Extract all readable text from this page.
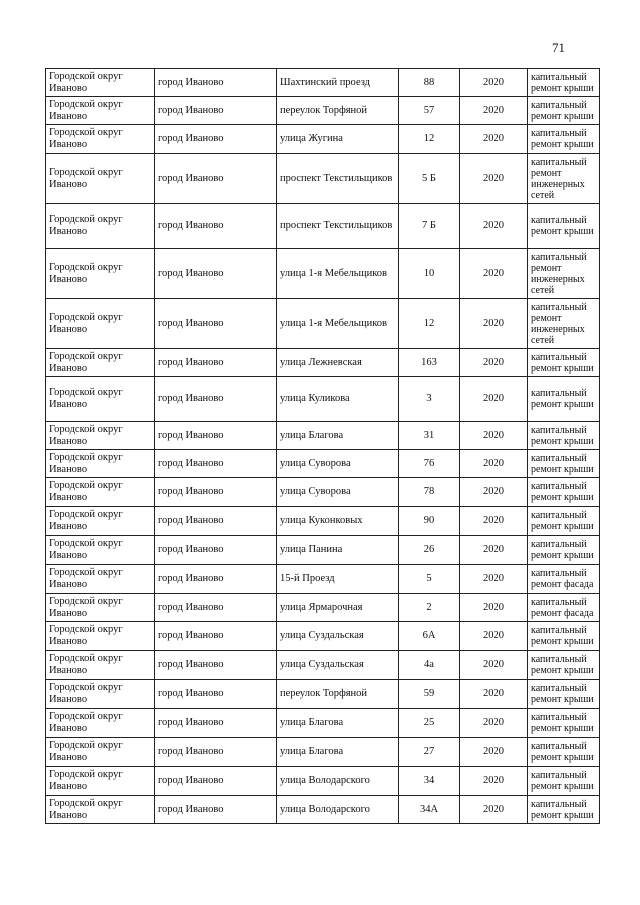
71
Городской округ Иваново	город Иваново	Шахтинский проезд	88	2020	капитальный ремонт крыши
Городской округ Иваново	город Иваново	переулок Торфяной	57	2020	капитальный ремонт крыши
Городской округ Иваново	город Иваново	улица Жугина	12	2020	капитальный ремонт крыши
Городской округ Иваново	город Иваново	проспект Текстильщиков	5 Б	2020	капитальный ремонт инженерных сетей
Городской округ Иваново	город Иваново	проспект Текстильщиков	7 Б	2020	капитальный ремонт крыши
Городской округ Иваново	город Иваново	улица 1-я Мебельщиков	10	2020	капитальный ремонт инженерных сетей
Городской округ Иваново	город Иваново	улица 1-я Мебельщиков	12	2020	капитальный ремонт инженерных сетей
Городской округ Иваново	город Иваново	улица Лежневская	163	2020	капитальный ремонт крыши
Городской округ Иваново	город Иваново	улица Куликова	3	2020	капитальный ремонт крыши
Городской округ Иваново	город Иваново	улица Благова	31	2020	капитальный ремонт крыши
Городской округ Иваново	город Иваново	улица Суворова	76	2020	капитальный ремонт крыши
Городской округ Иваново	город Иваново	улица Суворова	78	2020	капитальный ремонт крыши
Городской округ Иваново	город Иваново	улица Куконковых	90	2020	капитальный ремонт крыши
Городской округ Иваново	город Иваново	улица Панина	26	2020	капитальный ремонт крыши
Городской округ Иваново	город Иваново	15-й Проезд	5	2020	капитальный ремонт фасада
Городской округ Иваново	город Иваново	улица Ярмарочная	2	2020	капитальный ремонт фасада
Городской округ Иваново	город Иваново	улица Суздальская	6А	2020	капитальный ремонт крыши
Городской округ Иваново	город Иваново	улица Суздальская	4а	2020	капитальный ремонт крыши
Городской округ Иваново	город Иваново	переулок Торфяной	59	2020	капитальный ремонт крыши
Городской округ Иваново	город Иваново	улица Благова	25	2020	капитальный ремонт крыши
Городской округ Иваново	город Иваново	улица Благова	27	2020	капитальный ремонт крыши
Городской округ Иваново	город Иваново	улица Володарского	34	2020	капитальный ремонт крыши
Городской округ Иваново	город Иваново	улица Володарского	34А	2020	капитальный ремонт крыши
